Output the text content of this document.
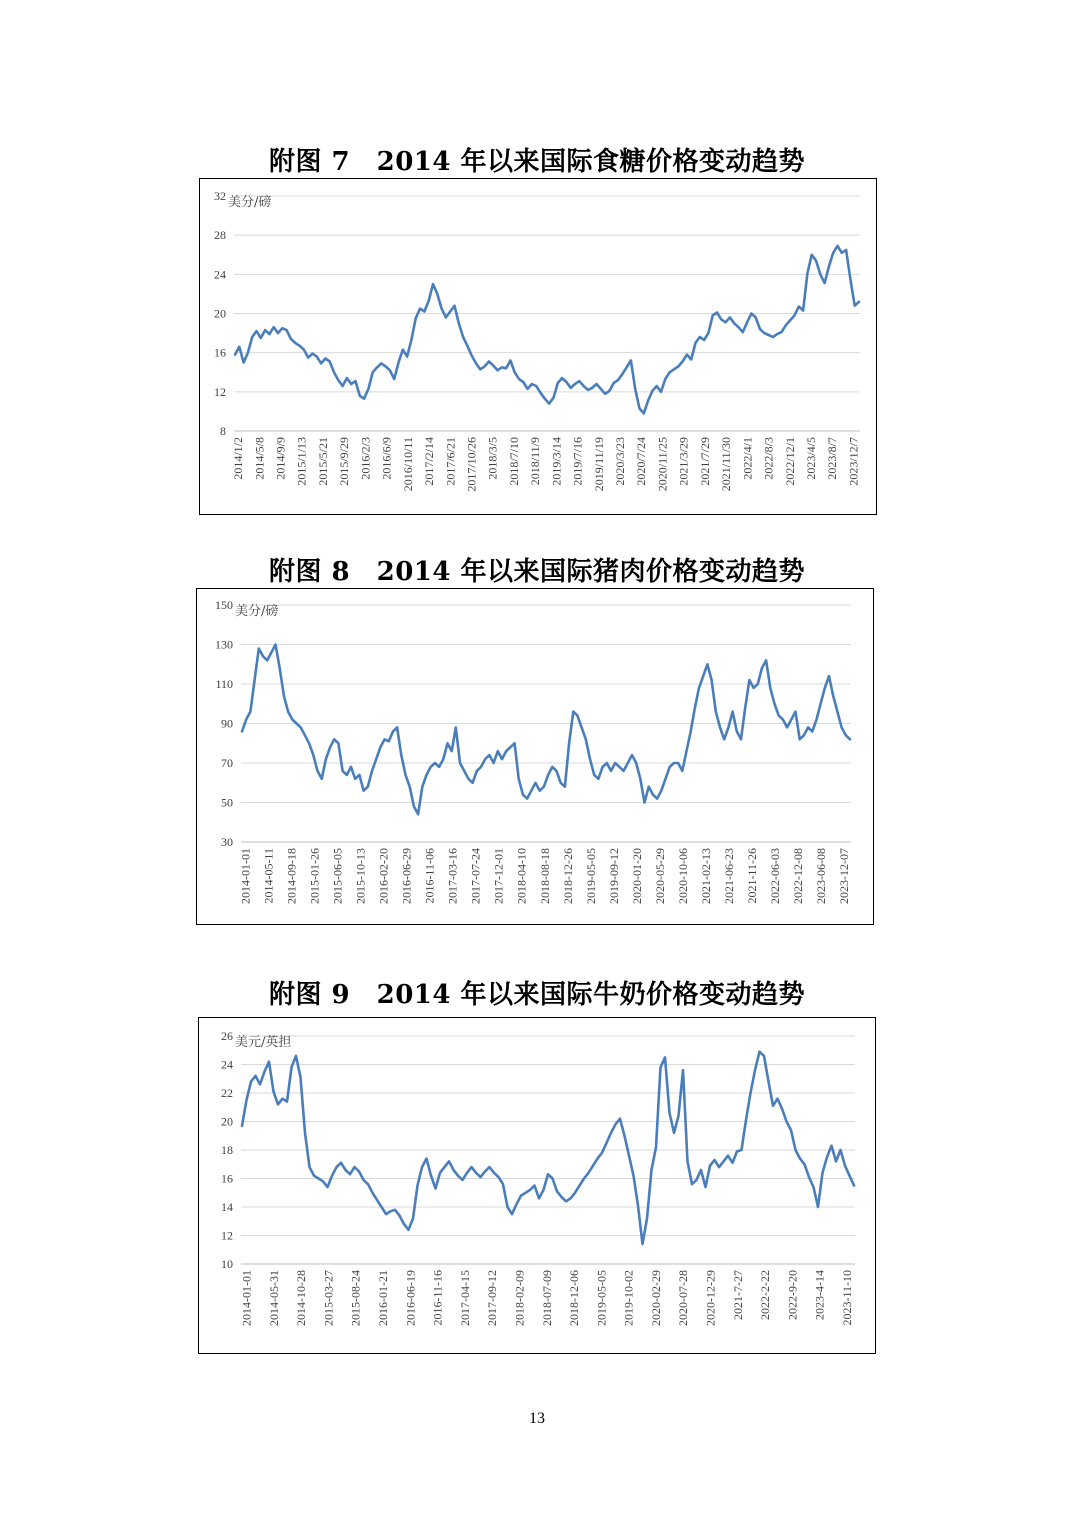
附图 7　2014 年以来国际食糖价格变动趋势
8
12
16
20
24
28
32 美分/磅
2014/1/2 2014/5/8 2014/9/9 2015/1/13 2015/5/21 2015/9/29 2016/2/3 2016/6/9 2016/10/11 2017/2/14 2017/6/21 2017/10/26 2018/3/5 2018/7/10 2018/11/9 2019/3/14 2019/7/16 2019/11/19 2020/3/23 2020/7/24 2020/11/25 2021/3/29 2021/7/29 2021/11/30 2022/4/1 2022/8/3 2022/12/1 2023/4/5 2023/8/7 2023/12/7
附图 8　2014 年以来国际猪肉价格变动趋势
30
50
70
90
110
130
150 美分/磅
2014-01-01 2014-05-11 2014-09-18 2015-01-26 2015-06-05 2015-10-13 2016-02-20 2016-06-29 2016-11-06 2017-03-16 2017-07-24 2017-12-01 2018-04-10 2018-08-18 2018-12-26 2019-05-05 2019-09-12 2020-01-20 2020-05-29 2020-10-06 2021-02-13 2021-06-23 2021-11-26 2022-06-03 2022-12-08 2023-06-08 2023-12-07
附图 9　2014 年以来国际牛奶价格变动趋势
10
12
14
16
18
20
22
24
26 美元/英担
2014-01-01 2014-05-31 2014-10-28 2015-03-27 2015-08-24 2016-01-21 2016-06-19 2016-11-16 2017-04-15 2017-09-12 2018-02-09 2018-07-09 2018-12-06 2019-05-05 2019-10-02 2020-02-29 2020-07-28 2020-12-29 2021-7-27 2022-2-22 2022-9-20 2023-4-14 2023-11-10
13
